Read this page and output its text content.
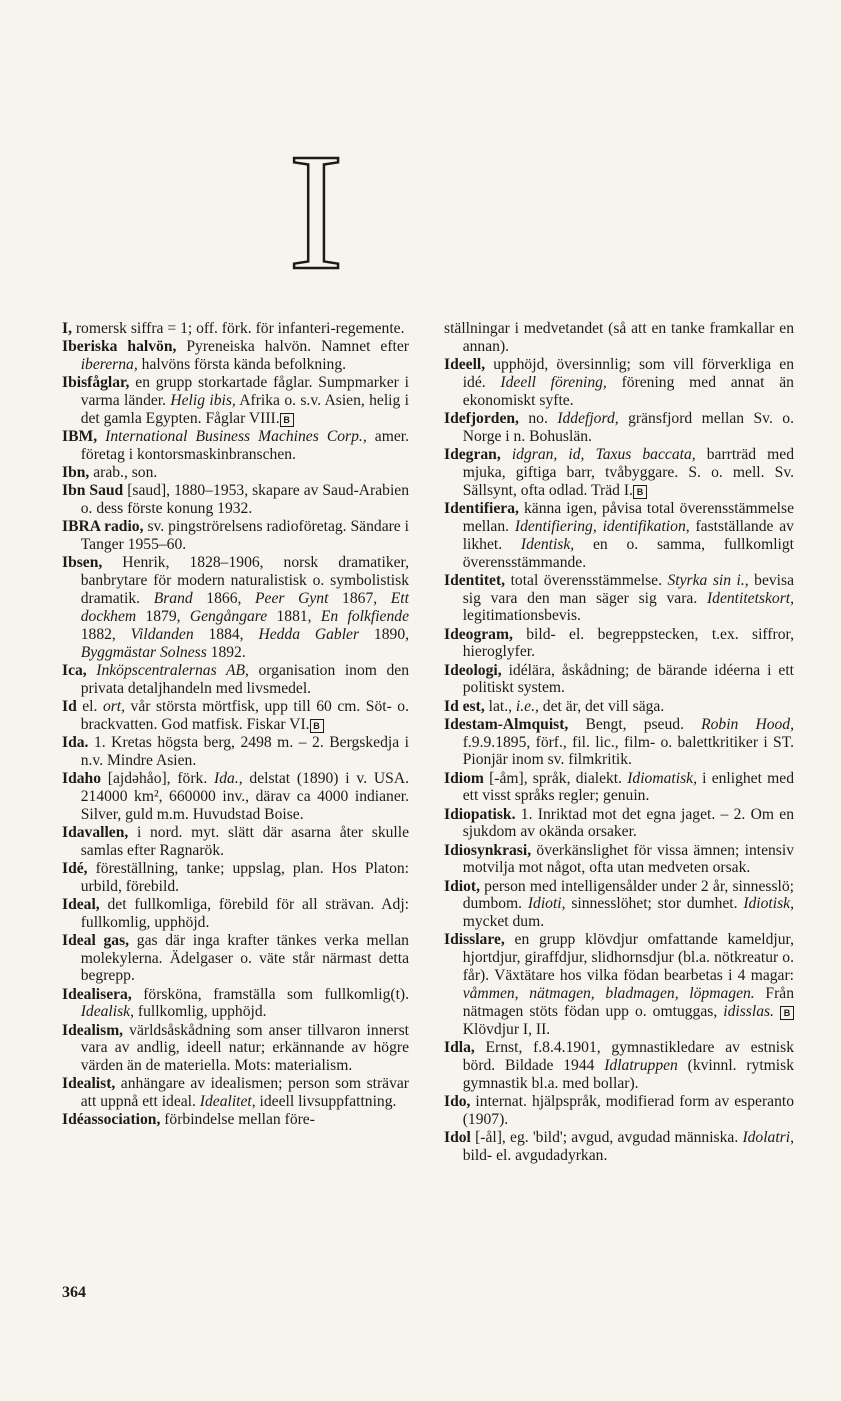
I

I, romersk siffra = 1; off. förk. för infanteri-regemente.

Iberiska halvön, Pyreneiska halvön. Namnet efter ibererna, halvöns första kända befolkning.

Ibisfåglar, en grupp storkartade fåglar. Sumpmarker i varma länder. Helig ibis, Afrika o. s.v. Asien, helig i det gamla Egypten. Fåglar VIII. B

IBM, International Business Machines Corp., amer. företag i kontorsmaskinbranschen.

Ibn, arab., son.

Ibn Saud [saud], 1880–1953, skapare av Saud-Arabien o. dess förste konung 1932.

IBRA radio, sv. pingströrelsens radioföretag. Sändare i Tanger 1955–60.

Ibsen, Henrik, 1828–1906, norsk dramatiker, banbrytare för modern naturalistisk o. symbolistisk dramatik. Brand 1866, Peer Gynt 1867, Ett dockhem 1879, Gengångare 1881, En folkfiende 1882, Vildanden 1884, Hedda Gabler 1890, Byggmästar Solness 1892.

Ica, Inköpscentralernas AB, organisation inom den privata detaljhandeln med livsmedel.

Id el. ort, vår största mörtfisk, upp till 60 cm. Söt- o. brackvatten. God matfisk. Fiskar VI. B

Ida. 1. Kretas högsta berg, 2498 m. – 2. Bergskedja i n.v. Mindre Asien.

Idaho [ajdəhåo], förk. Ida., delstat (1890) i v. USA. 214000 km², 660000 inv., därav ca 4000 indianer. Silver, guld m.m. Huvudstad Boise.

Idavallen, i nord. myt. slätt där asarna åter skulle samlas efter Ragnarök.

Idé, föreställning, tanke; uppslag, plan. Hos Platon: urbild, förebild.

Ideal, det fullkomliga, förebild för all strävan. Adj: fullkomlig, upphöjd.

Ideal gas, gas där inga krafter tänkes verka mellan molekylerna. Ädelgaser o. väte står närmast detta begrepp.

Idealisera, försköna, framställa som fullkomlig(t). Idealisk, fullkomlig, upphöjd.

Idealism, världsåskådning som anser tillvaron innerst vara av andlig, ideell natur; erkännande av högre värden än de materiella. Mots: materialism.

Idealist, anhängare av idealismen; person som strävar att uppnå ett ideal. Idealitet, ideell livsuppfattning.

Idéassociation, förbindelse mellan före-

ställningar i medvetandet (så att en tanke framkallar en annan).

Ideell, upphöjd, översinnlig; som vill förverkliga en idé. Ideell förening, förening med annat än ekonomiskt syfte.

Idefjorden, no. Iddefjord, gränsfjord mellan Sv. o. Norge i n. Bohuslän.

Idegran, idgran, id, Taxus baccata, barrträd med mjuka, giftiga barr, tvåbyggare. S. o. mell. Sv. Sällsynt, ofta odlad. Träd I. B

Identifiera, känna igen, påvisa total överensstämmelse mellan. Identifiering, identifikation, fastställande av likhet. Identisk, en o. samma, fullkomligt överensstämmande.

Identitet, total överensstämmelse. Styrka sin i., bevisa sig vara den man säger sig vara. Identitetskort, legitimationsbevis.

Ideogram, bild- el. begreppstecken, t.ex. siffror, hieroglyfer.

Ideologi, idélära, åskådning; de bärande idéerna i ett politiskt system.

Id est, lat., i.e., det är, det vill säga.

Idestam-Almquist, Bengt, pseud. Robin Hood, f.9.9.1895, förf., fil. lic., film- o. balettkritiker i ST. Pionjär inom sv. filmkritik.

Idiom [-åm], språk, dialekt. Idiomatisk, i enlighet med ett visst språks regler; genuin.

Idiopatisk. 1. Inriktad mot det egna jaget. – 2. Om en sjukdom av okända orsaker.

Idiosynkrasi, överkänslighet för vissa ämnen; intensiv motvilja mot något, ofta utan medveten orsak.

Idiot, person med intelligensålder under 2 år, sinnesslö; dumbom. Idioti, sinnesslöhet; stor dumhet. Idiotisk, mycket dum.

Idisslare, en grupp klövdjur omfattande kameldjur, hjortdjur, giraffdjur, slidhornsdjur (bl.a. nötkreatur o. får). Växtätare hos vilka födan bearbetas i 4 magar: våmmen, nätmagen, bladmagen, löpmagen. Från nätmagen stöts födan upp o. omtuggas, idisslas. B Klövdjur I, II.

Idla, Ernst, f.8.4.1901, gymnastikledare av estnisk börd. Bildade 1944 Idlatruppen (kvinnl. rytmisk gymnastik bl.a. med bollar).

Ido, internat. hjälpspråk, modifierad form av esperanto (1907).

Idol [-ål], eg. 'bild'; avgud, avgudad människa. Idolatri, bild- el. avgudadyrkan.

364
